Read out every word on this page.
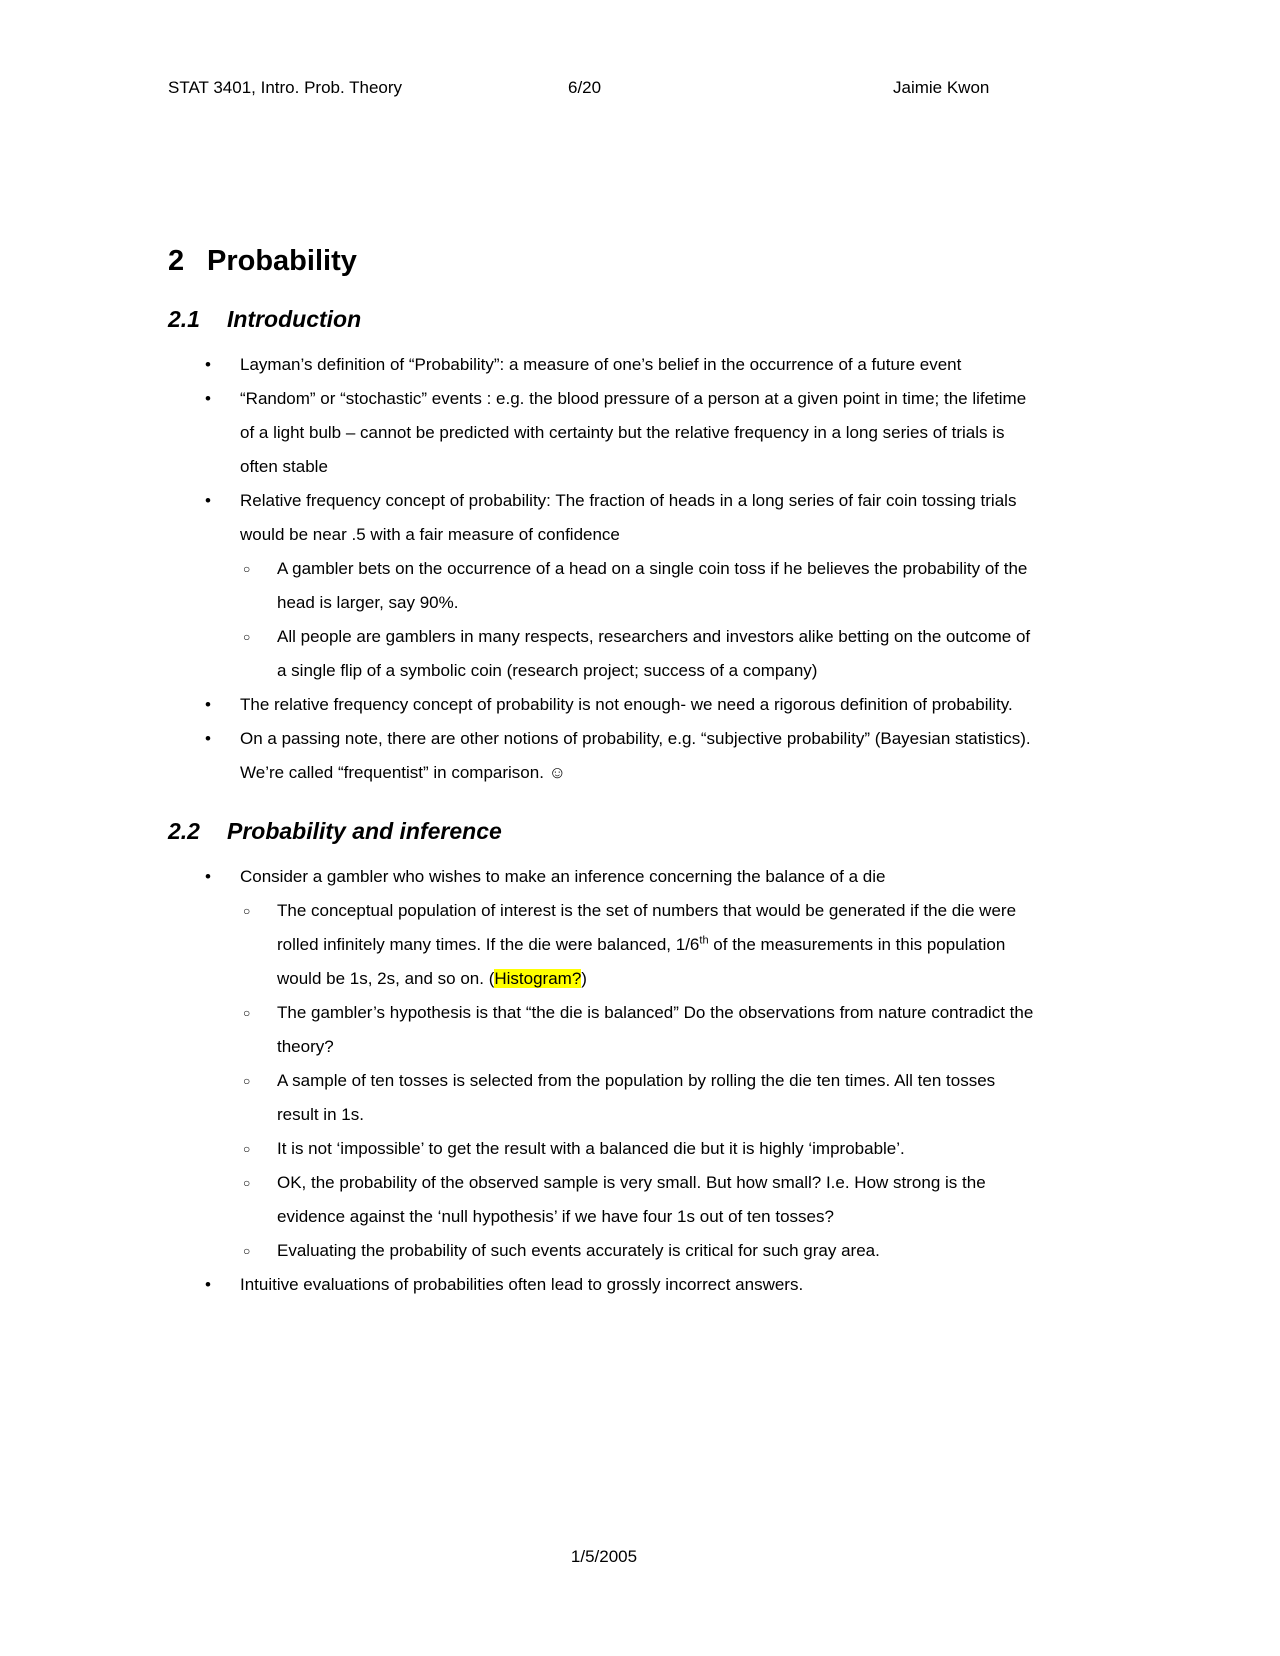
STAT 3401, Intro. Prob. Theory	6/20	Jaimie Kwon
2 Probability
2.1	Introduction
•	Layman’s definition of “Probability”: a measure of one’s belief in the occurrence of a future event
•	“Random” or “stochastic” events : e.g. the blood pressure of a person at a given point in time; the lifetime of a light bulb – cannot be predicted with certainty but the relative frequency in a long series of trials is often stable
•	Relative frequency concept of probability: The fraction of heads in a long series of fair coin tossing trials would be near .5 with a fair measure of confidence
○	A gambler bets on the occurrence of a head on a single coin toss if he believes the probability of the head is larger, say 90%.
○	All people are gamblers in many respects, researchers and investors alike betting on the outcome of a single flip of a symbolic coin (research project; success of a company)
•	The relative frequency concept of probability is not enough- we need a rigorous definition of probability.
•	On a passing note, there are other notions of probability, e.g. “subjective probability” (Bayesian statistics). We’re called “frequentist” in comparison. ☺
2.2	Probability and inference
•	Consider a gambler who wishes to make an inference concerning the balance of a die
○	The conceptual population of interest is the set of numbers that would be generated if the die were rolled infinitely many times. If the die were balanced, 1/6th of the measurements in this population would be 1s, 2s, and so on. (Histogram?)
○	The gambler’s hypothesis is that “the die is balanced” Do the observations from nature contradict the theory?
○	A sample of ten tosses is selected from the population by rolling the die ten times. All ten tosses result in 1s.
○	It is not ‘impossible’ to get the result with a balanced die but it is highly ‘improbable’.
○	OK, the probability of the observed sample is very small. But how small? I.e. How strong is the evidence against the ‘null hypothesis’ if we have four 1s out of ten tosses?
○	Evaluating the probability of such events accurately is critical for such gray area.
•	Intuitive evaluations of probabilities often lead to grossly incorrect answers.
1/5/2005
